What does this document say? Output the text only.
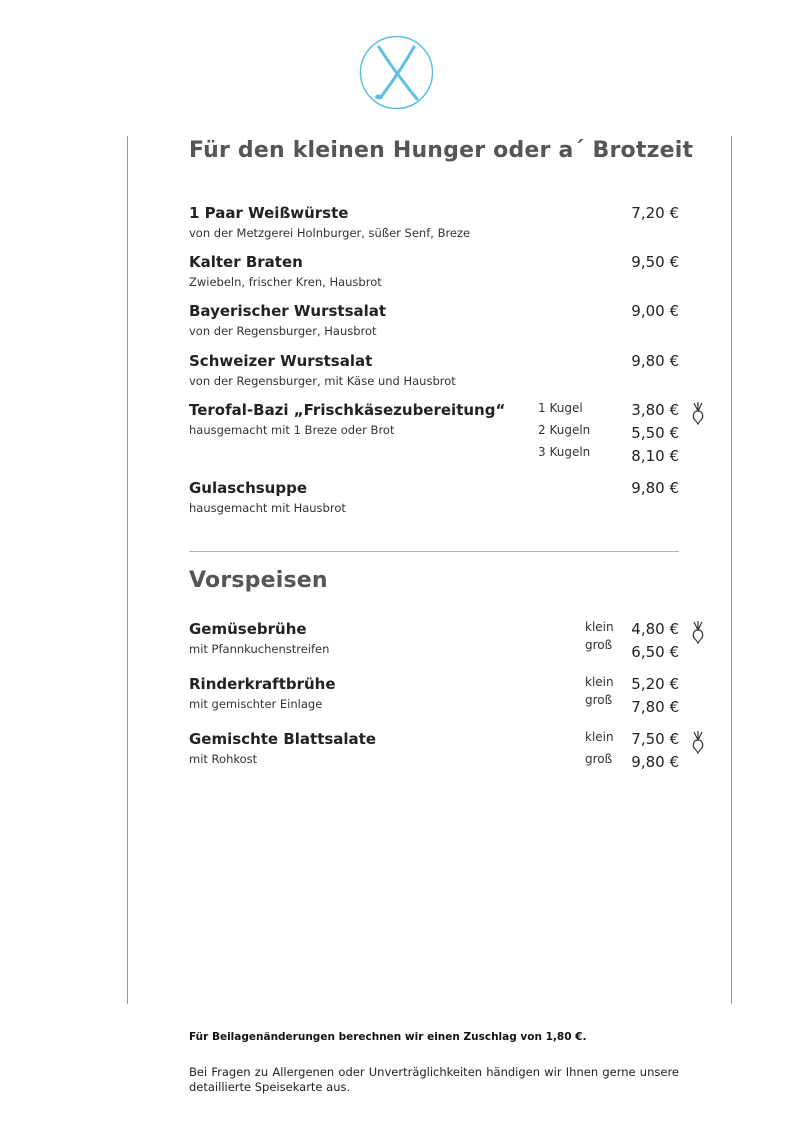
Für den kleinen Hunger oder a´ Brotzeit
1 Paar Weißwürste
von der Metzgerei Holnburger, süßer Senf, Breze
7,20 €
Kalter Braten
Zwiebeln, frischer Kren, Hausbrot
9,50 €
Bayerischer Wurstsalat
von der Regensburger, Hausbrot
9,00 €
Schweizer Wurstsalat
von der Regensburger, mit Käse und Hausbrot
9,80 €
Terofal-Bazi „Frischkäsezubereitung“
hausgemacht mit 1 Breze oder Brot
1 Kugel
2 Kugeln
3 Kugeln
3,80 €
5,50 €
8,10 €
Gulaschsuppe
hausgemacht mit Hausbrot
9,80 €
Vorspeisen
Gemüsebrühe
mit Pfannkuchenstreifen
klein
groß
4,80 €
6,50 €
Rinderkraftbrühe
mit gemischter Einlage
klein
groß
5,20 €
7,80 €
Gemischte Blattsalate
mit Rohkost
klein
groß
7,50 €
9,80 €
Für Beilagenänderungen berechnen wir einen Zuschlag von 1,80 €.
Bei Fragen zu Allergenen oder Unverträglichkeiten händigen wir Ihnen gerne unsere detaillierte Speisekarte aus.
